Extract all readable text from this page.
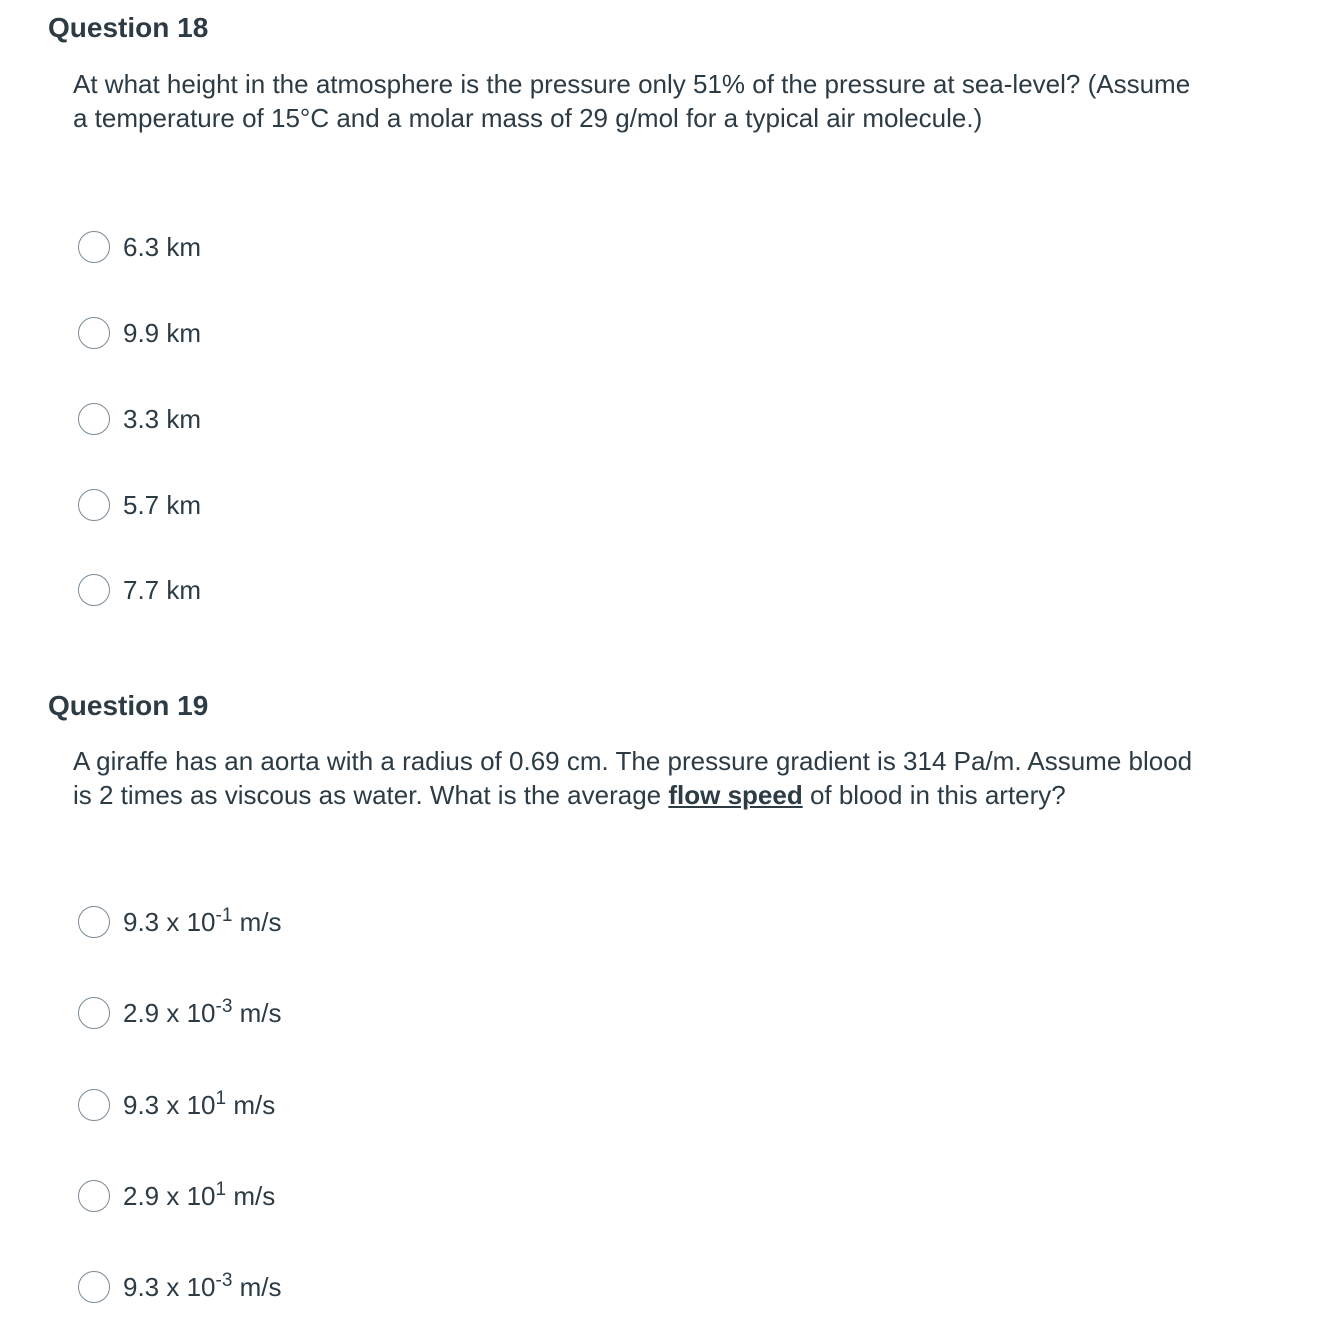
Question 18

At what height in the atmosphere is the pressure only 51% of the pressure at sea-level? (Assume a temperature of 15°C and a molar mass of 29 g/mol for a typical air molecule.)

6.3 km
9.9 km
3.3 km
5.7 km
7.7 km
Question 19

A giraffe has an aorta with a radius of 0.69 cm. The pressure gradient is 314 Pa/m. Assume blood is 2 times as viscous as water. What is the average flow speed of blood in this artery?

9.3 x $10^{-1}$ m/s
2.9 x $10^{-3}$ m/s
9.3 x $10^1$ m/s
2.9 x $10^1$ m/s
9.3 x $10^{-3}$ m/s
